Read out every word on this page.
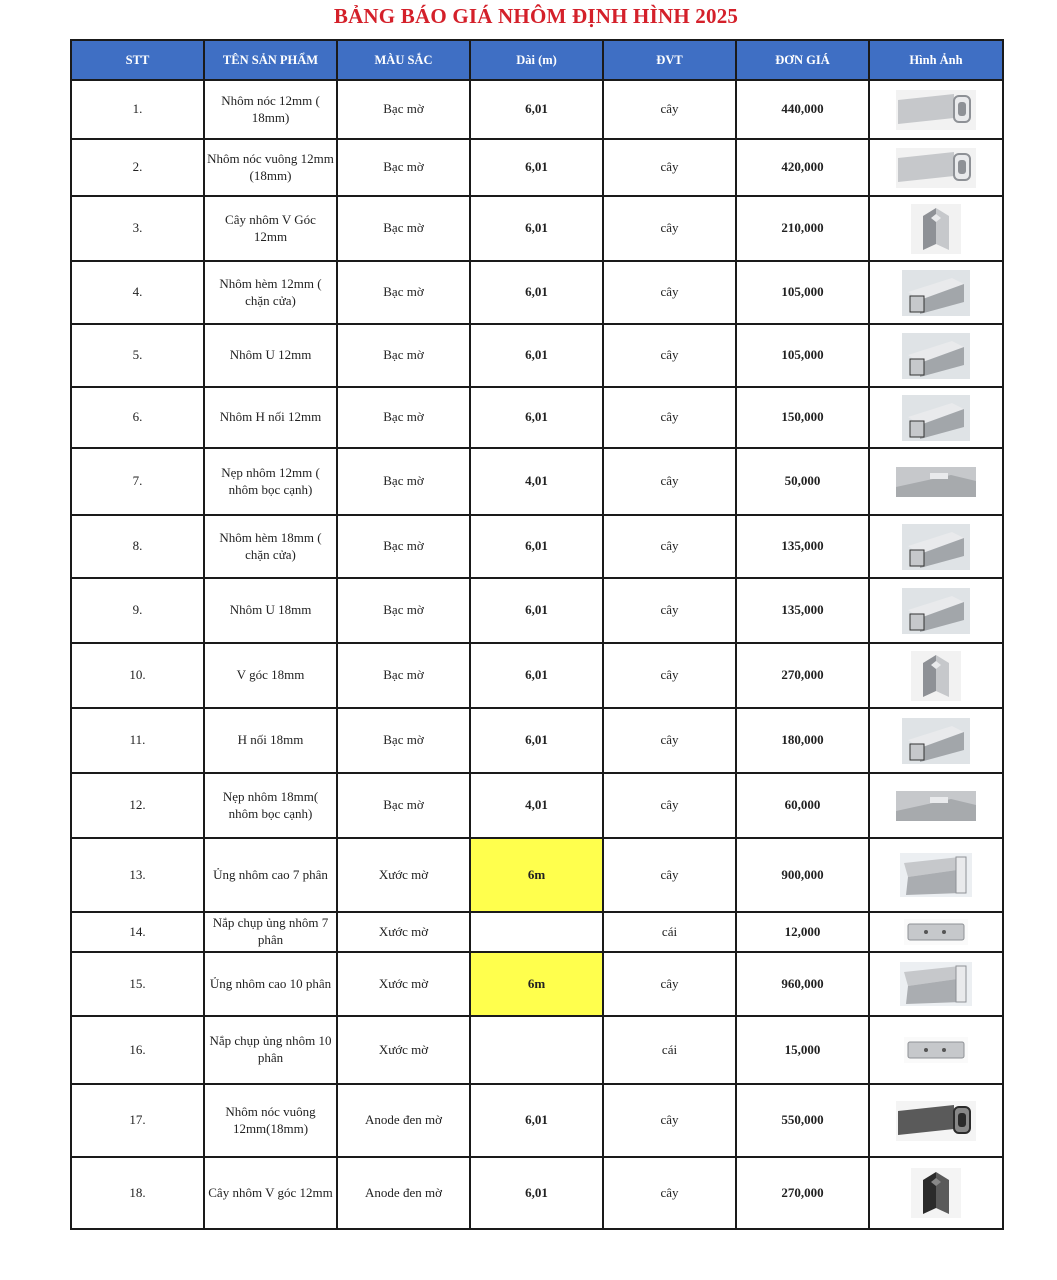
BẢNG BÁO GIÁ NHÔM ĐỊNH HÌNH 2025
STT	TÊN SẢN PHẨM	MÀU SẮC	Dài (m)	ĐVT	ĐƠN GIÁ	Hình Ảnh
1.	Nhôm nóc 12mm ( 18mm)	Bạc mờ	6,01	cây	440,000	
2.	Nhôm nóc vuông 12mm (18mm)	Bạc mờ	6,01	cây	420,000	
3.	Cây nhôm V Góc 12mm	Bạc mờ	6,01	cây	210,000	
4.	Nhôm hèm 12mm ( chặn cửa)	Bạc mờ	6,01	cây	105,000	
5.	Nhôm U 12mm	Bạc mờ	6,01	cây	105,000	
6.	Nhôm H nối 12mm	Bạc mờ	6,01	cây	150,000	
7.	Nẹp nhôm 12mm ( nhôm bọc cạnh)	Bạc mờ	4,01	cây	50,000	
8.	Nhôm hèm 18mm ( chặn cửa)	Bạc mờ	6,01	cây	135,000	
9.	Nhôm U 18mm	Bạc mờ	6,01	cây	135,000	
10.	V góc 18mm	Bạc mờ	6,01	cây	270,000	
11.	H nối 18mm	Bạc mờ	6,01	cây	180,000	
12.	Nẹp nhôm 18mm( nhôm bọc cạnh)	Bạc mờ	4,01	cây	60,000	
13.	Ủng nhôm cao 7 phân	Xước mờ	6m	cây	900,000	
14.	Nắp chụp ủng nhôm 7 phân	Xước mờ		cái	12,000	
15.	Ủng nhôm cao 10 phân	Xước mờ	6m	cây	960,000	
16.	Nắp chụp ủng nhôm 10 phân	Xước mờ		cái	15,000	
17.	Nhôm nóc vuông 12mm(18mm)	Anode đen mờ	6,01	cây	550,000	
18.	Cây nhôm V góc 12mm	Anode đen mờ	6,01	cây	270,000	
